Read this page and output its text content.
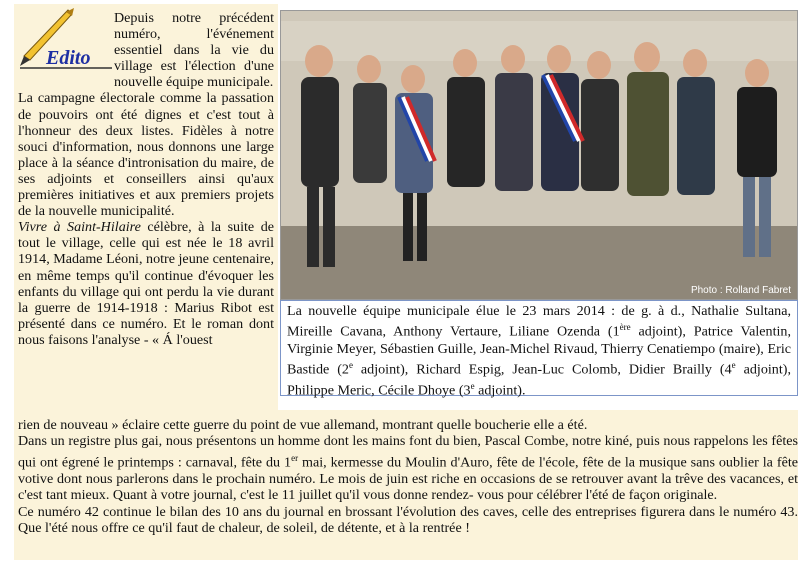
Edito

Depuis notre précédent numéro, l'événement essentiel dans la vie du village est l'élection d'une nouvelle équipe municipale.

La campagne électorale comme la passation de pouvoirs ont été dignes et c'est tout à l'honneur des deux listes. Fidèles à notre souci d'information, nous donnons une large place à la séance d'intronisation du maire, de ses adjoints et conseillers ainsi qu'aux premières initiatives et aux premiers projets de la nouvelle municipalité.

Vivre à Saint-Hilaire célèbre, à la suite de tout le village, celle qui est née le 18 avril 1914, Madame Léoni, notre jeune centenaire, en même temps qu'il continue d'évoquer les enfants du village qui ont perdu la vie durant la guerre de 1914-1918 : Marius Ribot est présenté dans ce numéro. Et le roman dont nous faisons l'analyse - « Á l'ouest

Photo : Rolland Fabret
La nouvelle équipe municipale élue le 23 mars 2014 : de g. à d., Nathalie Sultana, Mireille Cavana, Anthony Vertaure, Liliane Ozenda (1ère adjoint), Patrice Valentin, Virginie Meyer, Sébastien Guille, Jean-Michel Rivaud, Thierry Cenatiempo (maire), Eric Bastide (2e adjoint), Richard Espig, Jean-Luc Colomb, Didier Brailly (4e adjoint), Philippe Meric, Cécile Dhoye (3e adjoint).

rien de nouveau » éclaire cette guerre du point de vue allemand, montrant quelle boucherie elle a été.

Dans un registre plus gai, nous présentons un homme dont les mains font du bien, Pascal Combe, notre kiné, puis nous rappelons les fêtes qui ont égrené le printemps : carnaval, fête du 1er mai, kermesse du Moulin d'Auro, fête de l'école, fête de la musique sans oublier la fête votive dont nous parlerons dans le prochain numéro. Le mois de juin est riche en occasions de se retrouver avant la trêve des vacances, et c'est tant mieux. Quant à votre journal, c'est le 11 juillet qu'il vous donne rendez- vous pour célébrer l'été de façon originale.

Ce numéro 42 continue le bilan des 10 ans du journal en brossant l'évolution des caves, celle des entreprises figurera dans le numéro 43. Que l'été nous offre ce qu'il faut de chaleur, de soleil, de détente, et à la rentrée !
